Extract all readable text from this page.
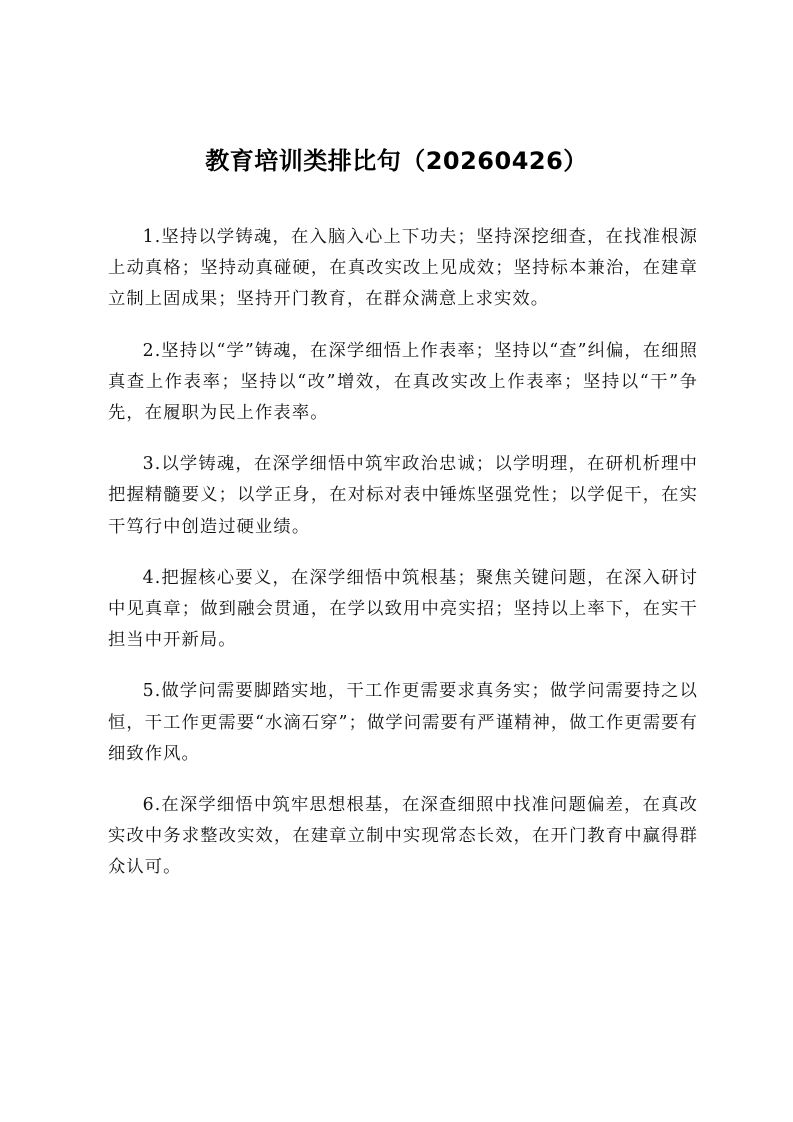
教育培训类排比句（20260426）

1.坚持以学铸魂，在入脑入心上下功夫；坚持深挖细查，在找准根源上动真格；坚持动真碰硬，在真改实改上见成效；坚持标本兼治，在建章立制上固成果；坚持开门教育，在群众满意上求实效。

2.坚持以“学”铸魂，在深学细悟上作表率；坚持以“查”纠偏，在细照真查上作表率；坚持以“改”增效，在真改实改上作表率；坚持以“干”争先，在履职为民上作表率。

3.以学铸魂，在深学细悟中筑牢政治忠诚；以学明理，在研机析理中把握精髓要义；以学正身，在对标对表中锤炼坚强党性；以学促干，在实干笃行中创造过硬业绩。

4.把握核心要义，在深学细悟中筑根基；聚焦关键问题，在深入研讨中见真章；做到融会贯通，在学以致用中亮实招；坚持以上率下，在实干担当中开新局。

5.做学问需要脚踏实地，干工作更需要求真务实；做学问需要持之以恒，干工作更需要“水滴石穿”；做学问需要有严谨精神，做工作更需要有细致作风。

6.在深学细悟中筑牢思想根基，在深查细照中找准问题偏差，在真改实改中务求整改实效，在建章立制中实现常态长效，在开门教育中赢得群众认可。
